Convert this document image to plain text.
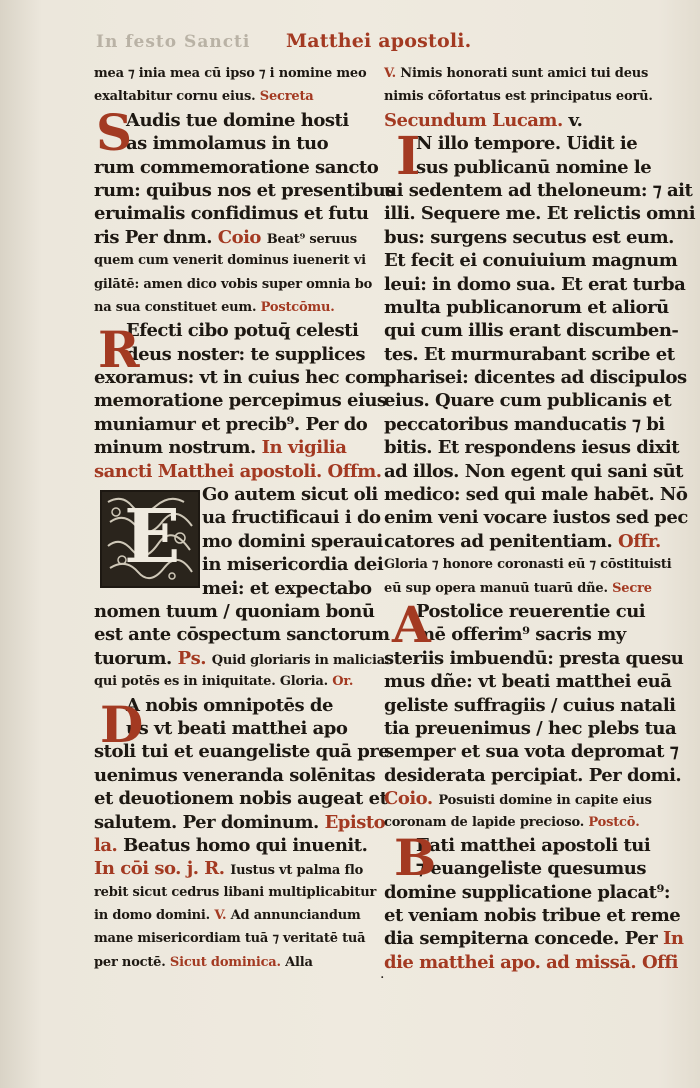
In festo Sancti Matthei apostoli.
mea ⁊ inia mea cū ipso ⁊ i nomine meo
exaltabitur cornu eius. Secreta
Audis tue domine hosti
as immolamus in tuo
rum commemoratione sancto
rum: quibus nos et presentibus
eruimalis confidimus et futu
ris Per dnm. Coio Beat⁹ seruus
quem cum venerit dominus iuenerit vi
gilātē: amen dico vobis super omnia bo
na sua constituet eum. Postcōmu.
Efecti cibo potuq̄ celesti
deus noster: te supplices
exoramus: vt in cuius hec com
memoratione percepimus eius
muniamur et precib⁹. Per do
minum nostrum. In vigilia
sancti Matthei apostoli. Offm.
Go autem sicut oli
ua fructificaui i do
mo domini speraui
in misericordia dei
mei: et expectabo
nomen tuum / quoniam bonū
est ante cōspectum sanctorum
tuorum. Ps. Quid gloriaris in malicia:
qui potēs es in iniquitate. Gloria. Or.
A nobis omnipotēs de
us vt beati matthei apo
stoli tui et euangeliste quā pre
uenimus veneranda solēnitas
et deuotionem nobis augeat et
salutem. Per dominum. Episto
la. Beatus homo qui inuenit.
In cōi so. j. R. Iustus vt palma flo
rebit sicut cedrus libani multiplicabitur
in domo domini. V. Ad annunciandum
mane misericordiam tuā ⁊ veritatē tuā
per noctē. Sicut dominica. Alla
V. Nimis honorati sunt amici tui deus
nimis cōfortatus est principatus eorū.
Secundum Lucam. v.
N illo tempore. Uidit ie
sus publicanū nomine le
ui sedentem ad theloneum: ⁊ ait
illi. Sequere me. Et relictis omni
bus: surgens secutus est eum.
Et fecit ei conuiuium magnum
leui: in domo sua. Et erat turba
multa publicanorum et aliorū
qui cum illis erant discumben-
tes. Et murmurabant scribe et
pharisei: dicentes ad discipulos
eius. Quare cum publicanis et
peccatoribus manducatis ⁊ bi
bitis. Et respondens iesus dixit
ad illos. Non egent qui sani sūt
medico: sed qui male habēt. Nō
enim veni vocare iustos sed pec
catores ad penitentiam. Offr.
Gloria ⁊ honore coronasti eū ⁊ cōstituisti
eū sup opera manuū tuarū dñe. Secre
Postolice reuerentie cui
mē offerim⁹ sacris my
steriis imbuendū: presta quesu
mus dñe: vt beati matthei euā
geliste suffragiis / cuius natali
tia preuenimus / hec plebs tua
semper et sua vota depromat ⁊
desiderata percipiat. Per domi.
Coio. Posuisti domine in capite eius
coronam de lapide precioso. Postcō.
Eati matthei apostoli tui
⁊ euangeliste quesumus
domine supplicatione placat⁹:
et veniam nobis tribue et reme
dia sempiterna concede. Per In
die matthei apo. ad missā. Offi
S
R
D
I
A
B
E
.
